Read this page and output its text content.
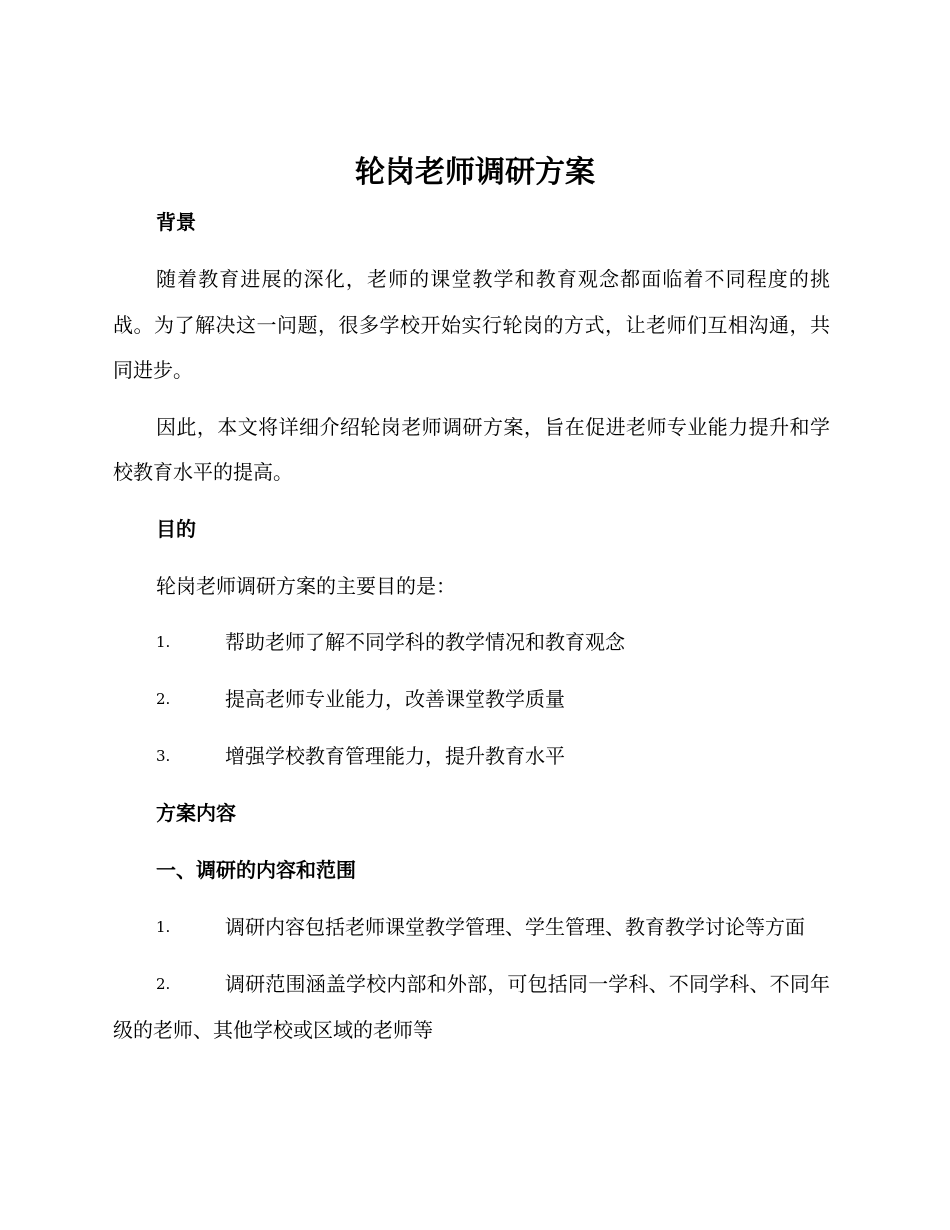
轮岗老师调研方案
背景

随着教育进展的深化，老师的课堂教学和教育观念都面临着不同程度的挑战。为了解决这一问题，很多学校开始实行轮岗的方式，让老师们互相沟通，共同进步。

因此，本文将详细介绍轮岗老师调研方案，旨在促进老师专业能力提升和学校教育水平的提高。

目的

轮岗老师调研方案的主要目的是：

1.	帮助老师了解不同学科的教学情况和教育观念
2.	提高老师专业能力，改善课堂教学质量
3.	增强学校教育管理能力，提升教育水平
方案内容
一、调研的内容和范围
1.	调研内容包括老师课堂教学管理、学生管理、教育教学讨论等方面
2.	调研范围涵盖学校内部和外部，可包括同一学科、不同学科、不同年级的老师、其他学校或区域的老师等
